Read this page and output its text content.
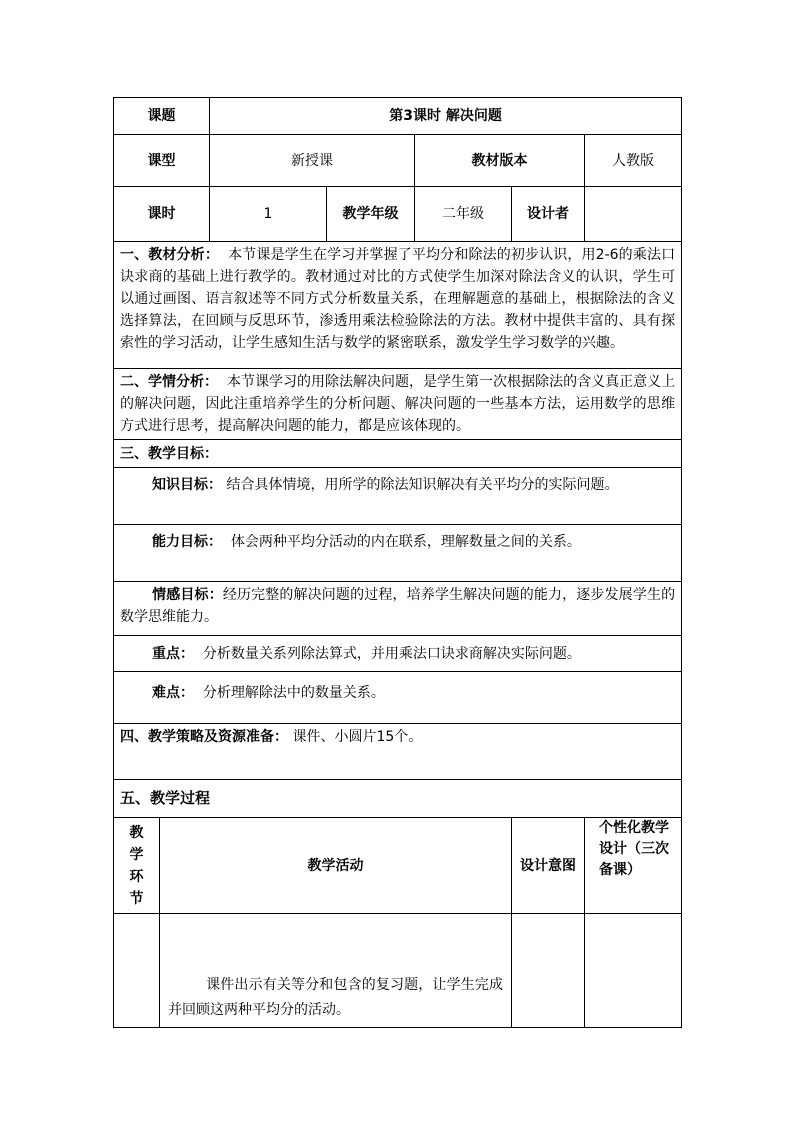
课题		第3课时 解决问题				
课型		新授课		教材版本		人教版
课时		1	教学年级	二年级	设计者	
一、教材分析： 本节课是学生在学习并掌握了平均分和除法的初步认识，用2-6的乘法口诀求商的基础上进行教学的。教材通过对比的方式使学生加深对除法含义的认识，学生可以通过画图、语言叙述等不同方式分析数量关系，在理解题意的基础上，根据除法的含义选择算法，在回顾与反思环节，渗透用乘法检验除法的方法。教材中提供丰富的、具有探索性的学习活动，让学生感知生活与数学的紧密联系，激发学生学习数学的兴趣。						
二、学情分析： 本节课学习的用除法解决问题，是学生第一次根据除法的含义真正意义上的解决问题，因此注重培养学生的分析问题、解决问题的一些基本方法，运用数学的思维方式进行思考，提高解决问题的能力，都是应该体现的。						
三、教学目标：						
知识目标： 结合具体情境，用所学的除法知识解决有关平均分的实际问题。						
能力目标： 体会两种平均分活动的内在联系，理解数量之间的关系。						
情感目标：经历完整的解决问题的过程，培养学生解决问题的能力，逐步发展学生的数学思维能力。						
重点： 分析数量关系列除法算式，并用乘法口诀求商解决实际问题。						
难点： 分析理解除法中的数量关系。						
四、教学策略及资源准备： 课件、小圆片15个。						
五、教学过程						
教学环节	教学活动				设计意图	个性化教学设计（三次备课）
	课件出示有关等分和包含的复习题，让学生完成并回顾这两种平均分的活动。					
